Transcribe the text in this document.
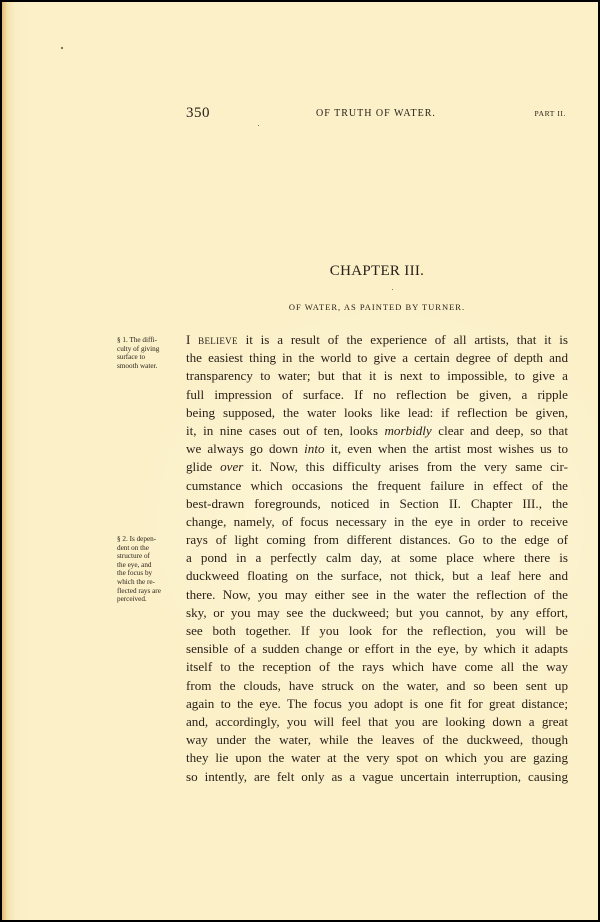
350	OF TRUTH OF WATER.	PART II.
CHAPTER III.
OF WATER, AS PAINTED BY TURNER.
§ 1. The diffi-
culty of giving
surface to
smooth water.
§ 2. Is depen-
dent on the
structure of
the eye, and
the focus by
which the re-
flected rays are
perceived.
I believe it is a result of the experience of all artists, that it is
the easiest thing in the world to give a certain degree of depth and
transparency to water; but that it is next to impossible, to give a
full impression of surface. If no reflection be given, a ripple
being supposed, the water looks like lead: if reflection be given,
it, in nine cases out of ten, looks morbidly clear and deep, so that
we always go down into it, even when the artist most wishes us to
glide over it. Now, this difficulty arises from the very same cir-
cumstance which occasions the frequent failure in effect of the
best-drawn foregrounds, noticed in Section II. Chapter III., the
change, namely, of focus necessary in the eye in order to receive
rays of light coming from different distances. Go to the edge of
a pond in a perfectly calm day, at some place where there is
duckweed floating on the surface, not thick, but a leaf here and
there. Now, you may either see in the water the reflection of the
sky, or you may see the duckweed; but you cannot, by any effort,
see both together. If you look for the reflection, you will be
sensible of a sudden change or effort in the eye, by which it adapts
itself to the reception of the rays which have come all the way
from the clouds, have struck on the water, and so been sent up
again to the eye. The focus you adopt is one fit for great distance;
and, accordingly, you will feel that you are looking down a great
way under the water, while the leaves of the duckweed, though
they lie upon the water at the very spot on which you are gazing
so intently, are felt only as a vague uncertain interruption, causing
